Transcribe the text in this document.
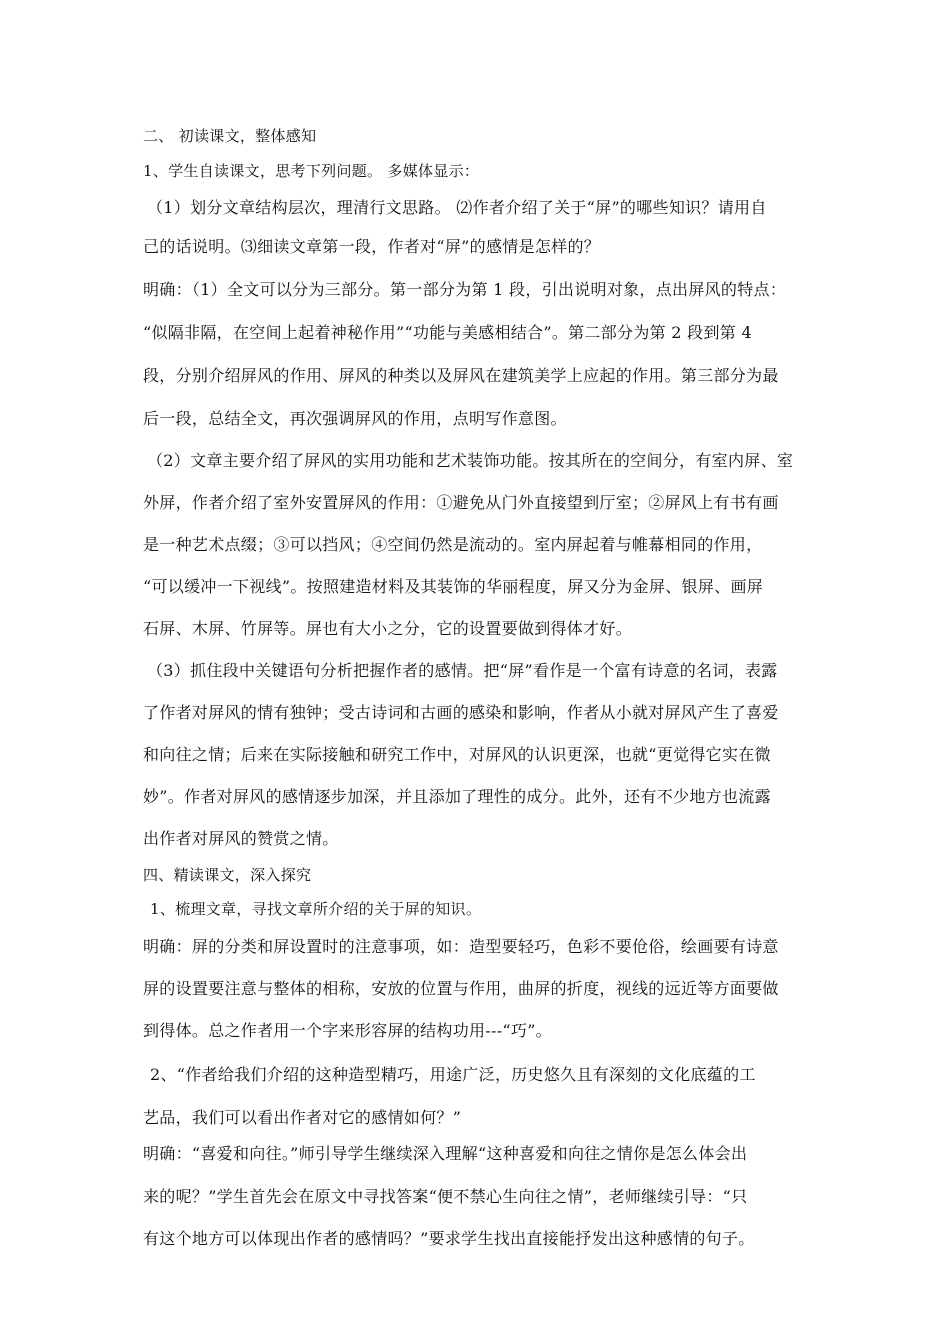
二、 初读课文，整体感知
1、学生自读课文，思考下列问题。 多媒体显示：
（1）划分文章结构层次，理清行文思路。 ⑵作者介绍了关于“屏”的哪些知识？请用自
己的话说明。⑶细读文章第一段，作者对“屏”的感情是怎样的？
明确：（1）全文可以分为三部分。第一部分为第 1 段，引出说明对象，点出屏风的特点：
“似隔非隔，在空间上起着神秘作用”“功能与美感相结合”。第二部分为第 2 段到第 4
段，分别介绍屏风的作用、屏风的种类以及屏风在建筑美学上应起的作用。第三部分为最
后一段，总结全文，再次强调屏风的作用，点明写作意图。
（2）文章主要介绍了屏风的实用功能和艺术装饰功能。按其所在的空间分，有室内屏、室
外屏，作者介绍了室外安置屏风的作用：①避免从门外直接望到厅室；②屏风上有书有画
是一种艺术点缀；③可以挡风；④空间仍然是流动的。室内屏起着与帷幕相同的作用，
“可以缓冲一下视线”。按照建造材料及其装饰的华丽程度，屏又分为金屏、银屏、画屏
石屏、木屏、竹屏等。屏也有大小之分，它的设置要做到得体才好。
（3）抓住段中关键语句分析把握作者的感情。把“屏”看作是一个富有诗意的名词，表露
了作者对屏风的情有独钟；受古诗词和古画的感染和影响，作者从小就对屏风产生了喜爱
和向往之情；后来在实际接触和研究工作中，对屏风的认识更深，也就“更觉得它实在微
妙”。作者对屏风的感情逐步加深，并且添加了理性的成分。此外，还有不少地方也流露
出作者对屏风的赞赏之情。
四、精读课文，深入探究
1、梳理文章，寻找文章所介绍的关于屏的知识。
明确：屏的分类和屏设置时的注意事项，如：造型要轻巧，色彩不要伧俗，绘画要有诗意
屏的设置要注意与整体的相称，安放的位置与作用，曲屏的折度，视线的远近等方面要做
到得体。总之作者用一个字来形容屏的结构功用---“巧”。
2、“作者给我们介绍的这种造型精巧，用途广泛，历史悠久且有深刻的文化底蕴的工
艺品，我们可以看出作者对它的感情如何？”
明确：“喜爱和向往。”师引导学生继续深入理解“这种喜爱和向往之情你是怎么体会出
来的呢？”学生首先会在原文中寻找答案“便不禁心生向往之情”，老师继续引导：“只
有这个地方可以体现出作者的感情吗？”要求学生找出直接能抒发出这种感情的句子。
